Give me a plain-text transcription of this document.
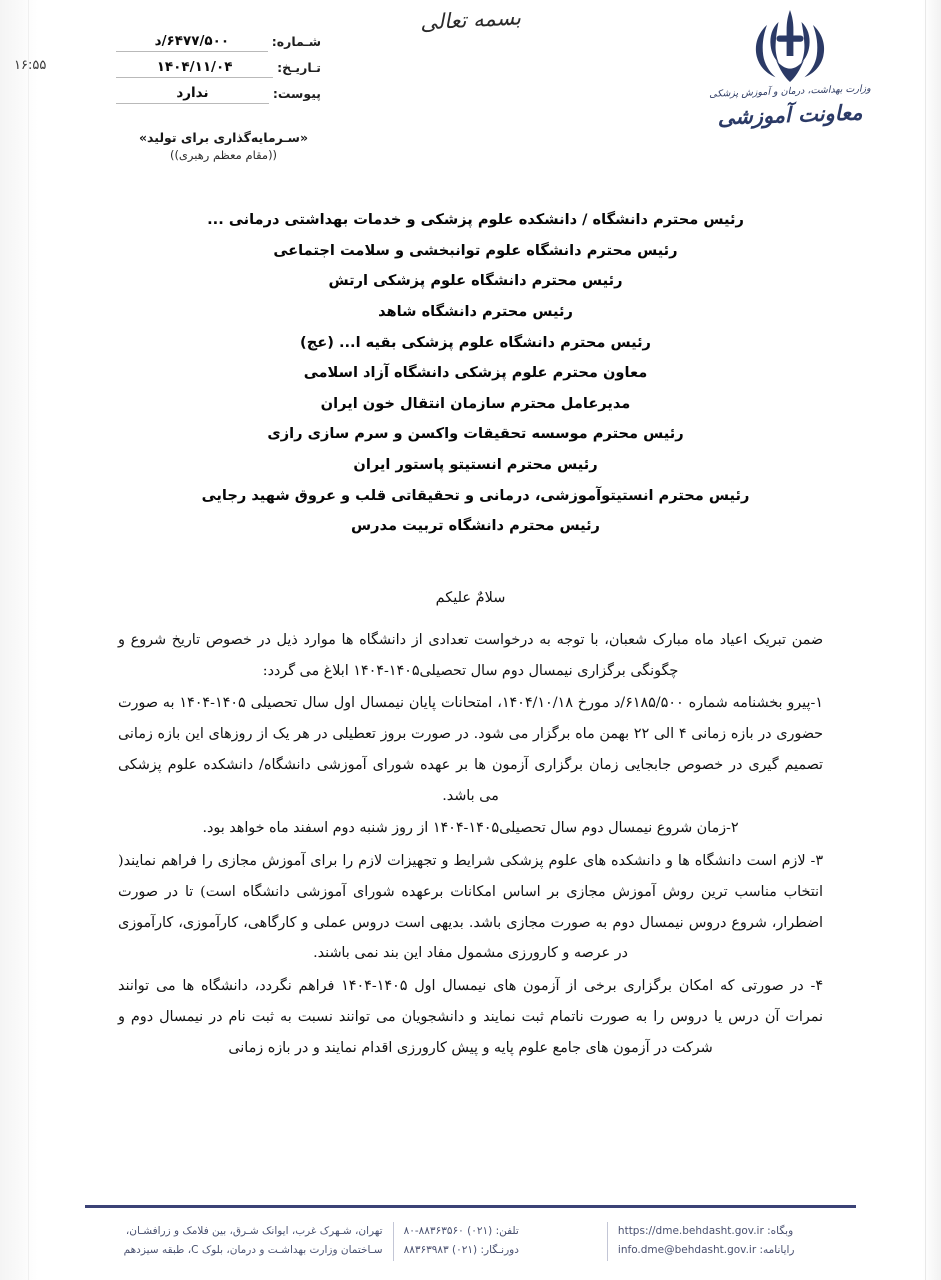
۱۶:۵۵
بسمه تعالی
شـماره:
۶۴۷۷/۵۰۰/د
تـاریـخ:
۱۴۰۴/۱۱/۰۴
پیوست:
ندارد
«سـرمایه‌گذاری برای تولید»
((مقام معظم رهبری))
وزارت بهداشت، درمان و آموزش پزشکی
معاونت آموزشی
رئیس محترم دانشگاه / دانشکده علوم پزشکی و خدمات بهداشتی درمانی ...
رئیس محترم دانشگاه علوم توانبخشی و سلامت اجتماعی
رئیس محترم دانشگاه علوم پزشکی ارتش
رئیس محترم دانشگاه شاهد
رئیس محترم دانشگاه علوم پزشکی بقیه ا... (عج)
معاون محترم علوم پزشکی دانشگاه آزاد اسلامی
مدیرعامل محترم سازمان انتقال خون ایران
رئیس محترم موسسه تحقیقات واکسن و سرم سازی رازی
رئیس محترم انستیتو پاستور ایران
رئیس محترم انستیتوآموزشی، درمانی و تحقیقاتی قلب و عروق شهید رجایی
رئیس محترم دانشگاه تربیت مدرس
سلامٌ علیکم

ضمن تبریک اعیاد ماه مبارک شعبان، با توجه به درخواست تعدادی از دانشگاه ها موارد ذیل در خصوص تاریخ شروع و چگونگی برگزاری نیمسال دوم سال تحصیلی۱۴۰۵-۱۴۰۴ ابلاغ می گردد:

۱-پیرو بخشنامه شماره ۶۱۸۵/۵۰۰/د مورخ ۱۴۰۴/۱۰/۱۸، امتحانات پایان نیمسال اول سال تحصیلی ۱۴۰۵-۱۴۰۴ به صورت حضوری در بازه زمانی ۴ الی ۲۲ بهمن ماه برگزار می شود. در صورت بروز تعطیلی در هر یک از روزهای این بازه زمانی تصمیم گیری در خصوص جابجایی زمان برگزاری آزمون ها بر عهده شورای آموزشی دانشگاه/ دانشکده علوم پزشکی می باشد.

۲-زمان شروع نیمسال دوم سال تحصیلی۱۴۰۵-۱۴۰۴ از روز شنبه دوم اسفند ماه خواهد بود.

۳- لازم است دانشگاه ها و دانشکده های علوم پزشکی شرایط و تجهیزات لازم را برای آموزش مجازی را فراهم نمایند( انتخاب مناسب ترین روش آموزش مجازی بر اساس امکانات برعهده شورای آموزشی دانشگاه است) تا در صورت اضطرار، شروع دروس نیمسال دوم به صورت مجازی باشد. بدیهی است دروس عملی و کارگاهی، کارآموزی، کارآموزی در عرصه و کارورزی مشمول مفاد این بند نمی باشند.

۴- در صورتی که امکان برگزاری برخی از آزمون های نیمسال اول ۱۴۰۵-۱۴۰۴ فراهم نگردد، دانشگاه ها می توانند نمرات آن درس یا دروس را به صورت ناتمام ثبت نمایند و دانشجویان می توانند نسبت به ثبت نام در نیمسال دوم و شرکت در آزمون های جامع علوم پایه و پیش کارورزی اقدام نمایند و در بازه زمانی

تهران، شـهرک غرب، ایوانک شـرق، بین فلامک و زرافشـان،
سـاختمان وزارت بهداشـت و درمان، بلوک C، طبقه سیزدهم
تلفن: (۰۲۱) ۸۸۳۶۳۵۶۰-۸۰
دورنـگار: (۰۲۱) ۸۸۳۶۳۹۸۳
وبگاه: https://dme.behdasht.gov.ir
رایانامه: info.dme@behdasht.gov.ir
